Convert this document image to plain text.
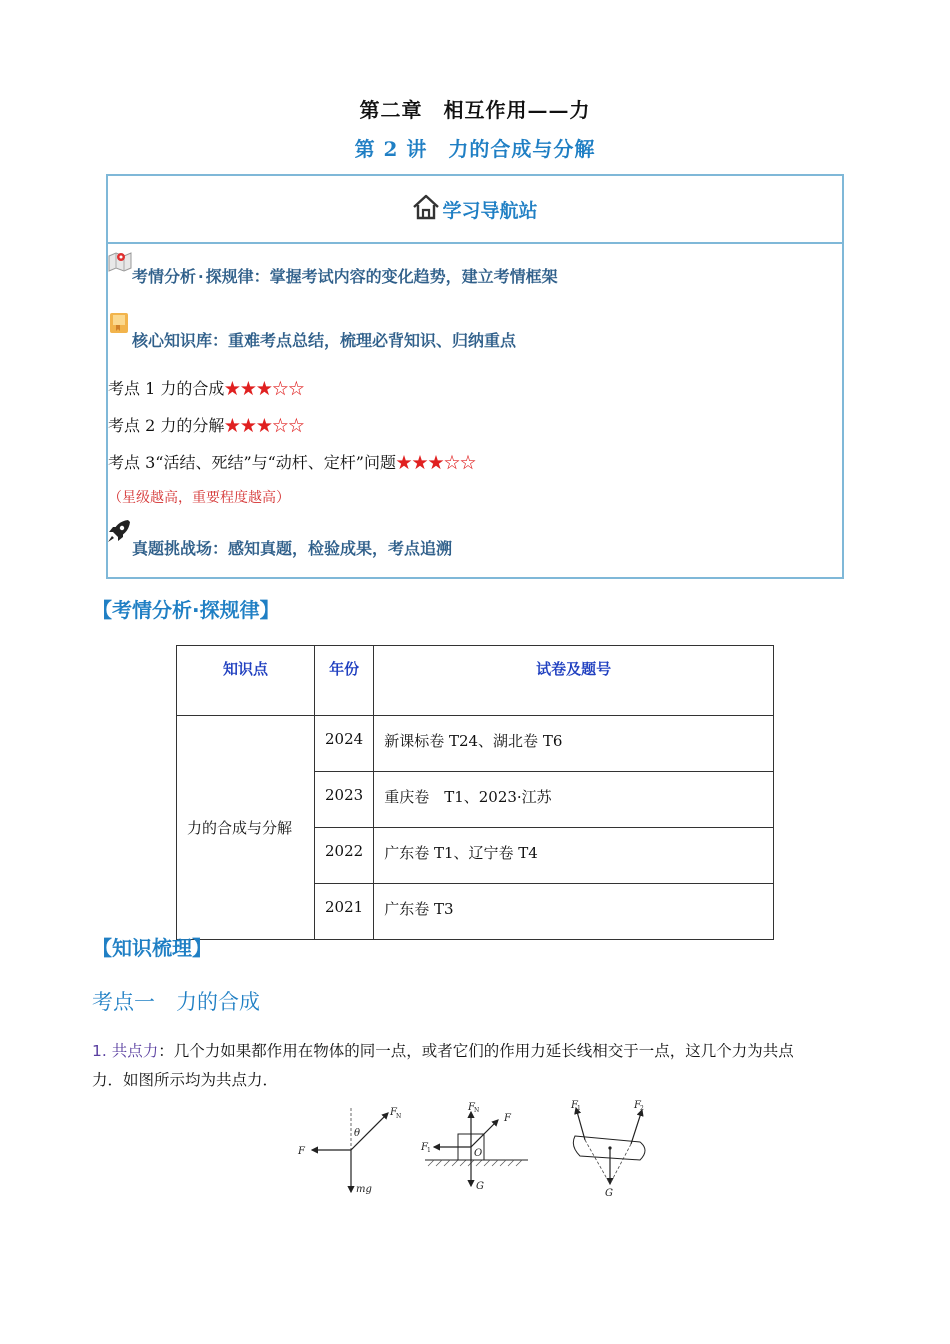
第二章　相互作用——力
第 2 讲　力的合成与分解
学习导航站
考情分析·探规律：掌握考试内容的变化趋势，建立考情框架
核心知识库：重难考点总结，梳理必背知识、归纳重点
考点 1 力的合成★★★☆☆
考点 2 力的分解★★★☆☆
考点 3“活结、死结”与“动杆、定杆”问题★★★☆☆
（星级越高，重要程度越高）
真题挑战场：感知真题，检验成果，考点追溯
【考情分析·探规律】
知识点	年份	试卷及题号
力的合成与分解	2024	新课标卷 T24、湖北卷 T6
	2023	重庆卷　T1、2023·江苏
	2022	广东卷 T1、辽宁卷 T4
	2021	广东卷 T3
【知识梳理】
考点一　力的合成
1. 共点力：几个力如果都作用在物体的同一点，或者它们的作用力延长线相交于一点，这几个力为共点
力．如图所示均为共点力．
F
F N
θ
mg
F N
F
F 1	O
G
F 1	F 2
G
